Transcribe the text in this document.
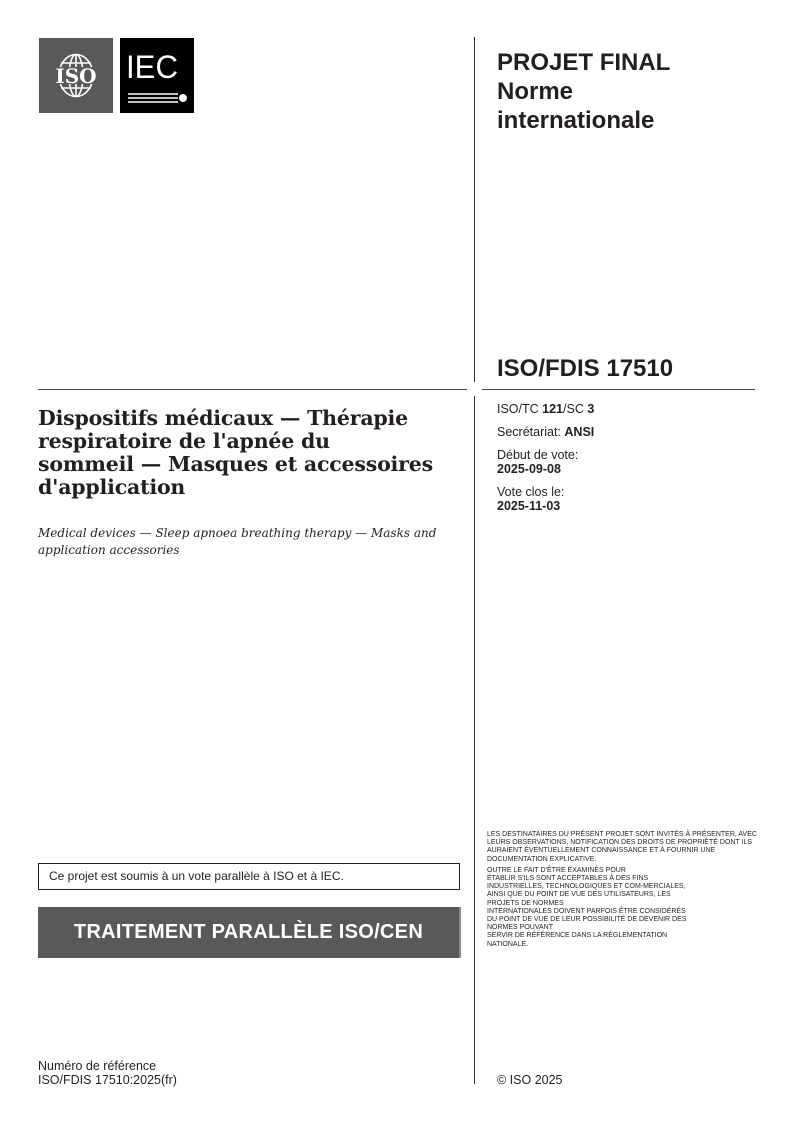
ISO IEC	PROJET FINAL
Norme
internationale
ISO/FDIS 17510
ISO/TC 121/SC 3
Secrétariat: ANSI
Début de vote:
2025-09-08
Vote clos le:
2025-11-03
Dispositifs médicaux — Thérapie
respiratoire de l'apnée du
sommeil — Masques et accessoires
d'application
Medical devices — Sleep apnoea breathing therapy — Masks and application accessories

LES DESTINATAIRES DU PRÉSENT PROJET SONT INVITÉS À PRÉSENTER, AVEC LEURS OBSERVATIONS, NOTIFICATION DES DROITS DE PROPRIÉTÉ DONT ILS AURAIENT ÉVENTUELLEMENT CONNAISSANCE ET À FOURNIR UNE DOCUMENTATION EXPLICATIVE.

OUTRE LE FAIT D'ÊTRE EXAMINÉS POUR
ÉTABLIR S'ILS SONT ACCEPTABLES À DES FINS
INDUSTRIELLES, TECHNOLOGIQUES ET COM-MERCIALES,
AINSI QUE DU POINT DE VUE DES UTILISATEURS, LES
PROJETS DE NORMES
INTERNATIONALES DOIVENT PARFOIS ÊTRE CONSIDÉRÉS
DU POINT DE VUE DE LEUR POSSIBILITÉ DE DEVENIR DES
NORMES POUVANT
SERVIR DE RÉFÉRENCE DANS LA RÉGLEMENTATION
NATIONALE.

Ce projet est soumis à un vote parallèle à ISO et à IEC.
TRAITEMENT PARALLÈLE ISO/CEN
Numéro de référence
ISO/FDIS 17510:2025(fr)	© ISO 2025
